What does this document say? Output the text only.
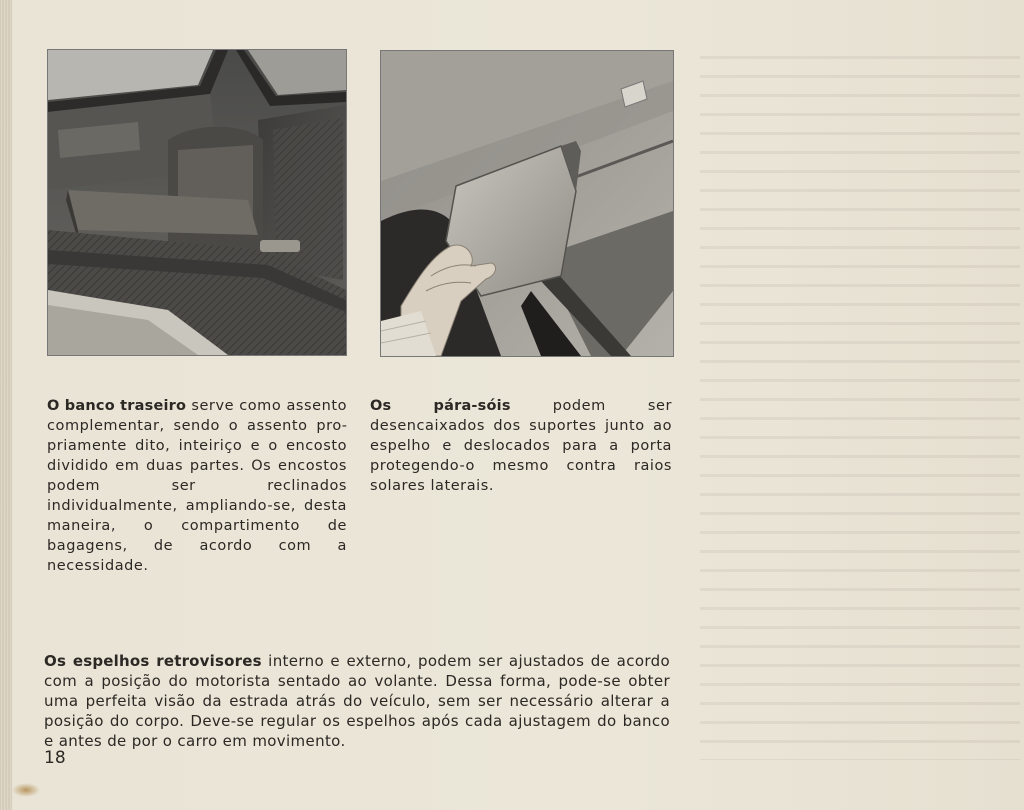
O banco traseiro serve como assento complementar, sendo o assento propriamente dito, inteiriço e o encosto dividido em duas partes. Os encostos podem ser reclinados individualmente, ampliando-se, desta maneira, o compartimento de bagagens, de acordo com a necessidade.

Os pára-sóis podem ser desencaixados dos suportes junto ao espelho e deslocados para a porta protegendo-o mesmo contra raios solares laterais.

Os espelhos retrovisores interno e externo, podem ser ajustados de acordo com a posição do motorista sentado ao volante. Dessa forma, pode-se obter uma perfeita visão da estrada atrás do veículo, sem ser necessário alterar a posição do corpo. Deve-se regular os espelhos após cada ajustagem do banco e antes de por o carro em movimento.

18
